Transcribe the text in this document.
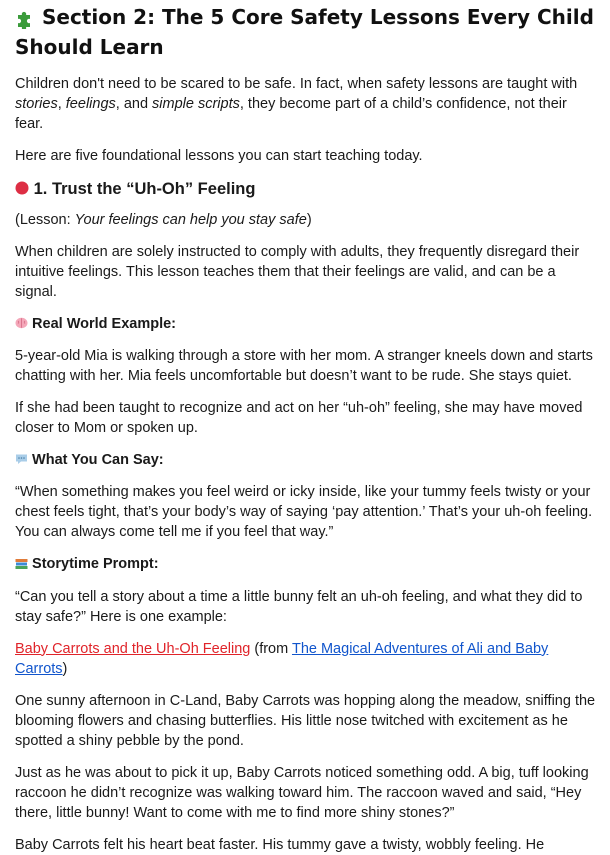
Section 2: The 5 Core Safety Lessons Every Child Should Learn

Children don't need to be scared to be safe. In fact, when safety lessons are taught with stories, feelings, and simple scripts, they become part of a child’s confidence, not their fear.

Here are five foundational lessons you can start teaching today.

1. Trust the “Uh-Oh” Feeling

(Lesson: Your feelings can help you stay safe)

When children are solely instructed to comply with adults, they frequently disregard their intuitive feelings. This lesson teaches them that their feelings are valid, and can be a signal.

Real World Example:

5-year-old Mia is walking through a store with her mom. A stranger kneels down and starts chatting with her. Mia feels uncomfortable but doesn’t want to be rude. She stays quiet.

If she had been taught to recognize and act on her “uh-oh” feeling, she may have moved closer to Mom or spoken up.

What You Can Say:

“When something makes you feel weird or icky inside, like your tummy feels twisty or your chest feels tight, that’s your body’s way of saying ‘pay attention.’ That’s your uh-oh feeling. You can always come tell me if you feel that way.”

Storytime Prompt:

“Can you tell a story about a time a little bunny felt an uh-oh feeling, and what they did to stay safe?” Here is one example:

Baby Carrots and the Uh-Oh Feeling (from The Magical Adventures of Ali and Baby Carrots)

One sunny afternoon in C-Land, Baby Carrots was hopping along the meadow, sniffing the blooming flowers and chasing butterflies. His little nose twitched with excitement as he spotted a shiny pebble by the pond.

Just as he was about to pick it up, Baby Carrots noticed something odd. A big, tuff looking raccoon he didn’t recognize was walking toward him. The raccoon waved and said, “Hey there, little bunny! Want to come with me to find more shiny stones?”

Baby Carrots felt his heart beat faster. His tummy gave a twisty, wobbly feeling. He
